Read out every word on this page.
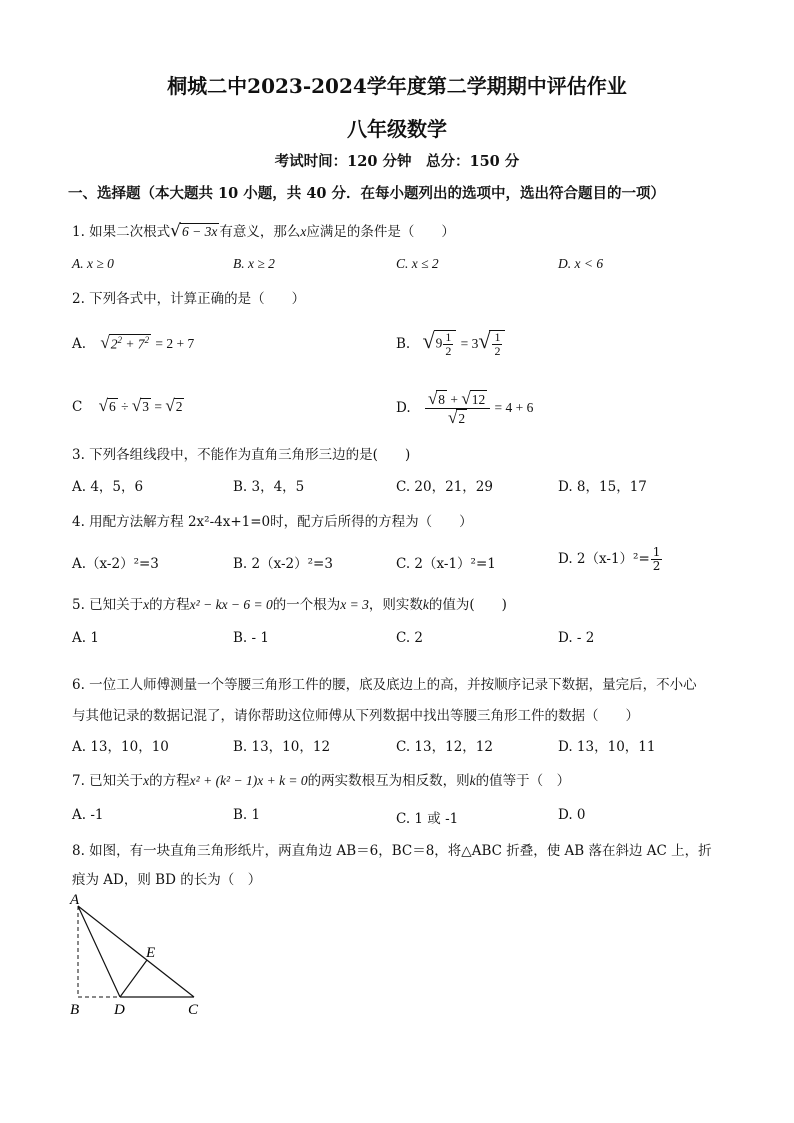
桐城二中2023-2024学年度第二学期期中评估作业
八年级数学
考试时间：120 分钟　总分：150 分
一、选择题（本大题共 10 小题，共 40 分．在每小题列出的选项中，选出符合题目的一项）
1. 如果二次根式√6 − 3x 有意义，那么x应满足的条件是（　　）
A. x ≥ 0	B. x ≥ 2	C. x ≤ 2	D. x < 6
2. 下列各式中，计算正确的是（　　）
A. $√2^2 + 7^2 = 2 + 7$	B. $√9 \frac{1}{2} = 3√ \frac{1}{2}$
C √6 ÷ √3 = √2	D. $\frac{√8 + √12}{√2} = 4 + 6$
3. 下列各组线段中，不能作为直角三角形三边的是(　　)
A. 4，5，6	B. 3，4，5	C. 20，21，29	D. 8，15，17
4. 用配方法解方程 2x²-4x+1=0时，配方后所得的方程为（　　）
A.（x-2）²=3	B. 2（x-2）²=3	C. 2（x-1）²=1	D. $2(x-1)^2= \frac{1}{2}$
5. 已知关于x的方程x² − kx − 6 = 0的一个根为x = 3，则实数k的值为(　　)
A. 1	B. - 1	C. 2	D. - 2
6. 一位工人师傅测量一个等腰三角形工件的腰，底及底边上的高，并按顺序记录下数据，量完后，不小心
与其他记录的数据记混了，请你帮助这位师傅从下列数据中找出等腰三角形工件的数据（　　）
A. 13，10，10	B. 13，10，12	C. 13，12，12	D. 13，10，11
7. 已知关于x的方程x² + (k² − 1)x + k = 0的两实数根互为相反数，则k的值等于（　）
A. -1	B. 1	C. 1 或 -1	D. 0
8. 如图，有一块直角三角形纸片，两直角边 AB＝6，BC＝8，将△ABC 折叠，使 AB 落在斜边 AC 上，折
痕为 AD，则 BD 的长为（　）
A
B D	C
E
